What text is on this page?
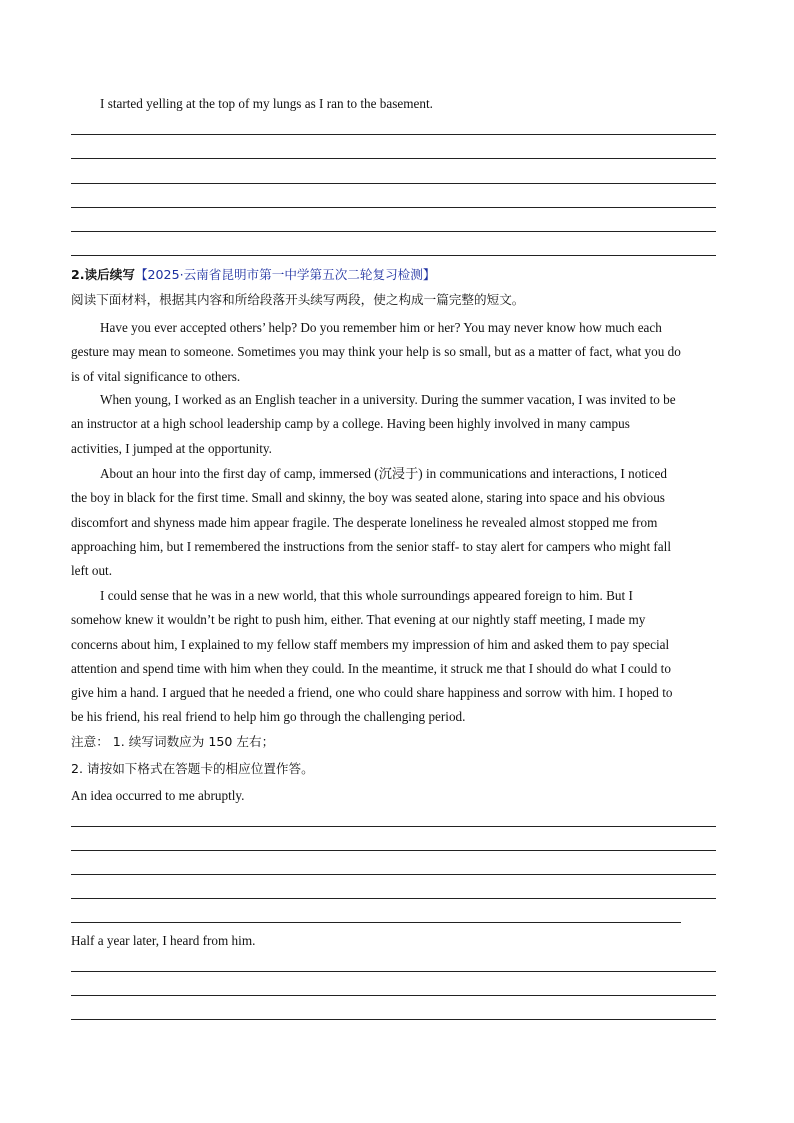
I started yelling at the top of my lungs as I ran to the basement.
2.读后续写【2025·云南省昆明市第一中学第五次二轮复习检测】
阅读下面材料，根据其内容和所给段落开头续写两段，使之构成一篇完整的短文。
Have you ever accepted others’ help? Do you remember him or her? You may never know how much each
gesture may mean to someone. Sometimes you may think your help is so small, but as a matter of fact, what you do
is of vital significance to others.
When young, I worked as an English teacher in a university. During the summer vacation, I was invited to be
an instructor at a high school leadership camp by a college. Having been highly involved in many campus
activities, I jumped at the opportunity.
About an hour into the first day of camp, immersed (沉浸于) in communications and interactions, I noticed
the boy in black for the first time. Small and skinny, the boy was seated alone, staring into space and his obvious
discomfort and shyness made him appear fragile. The desperate loneliness he revealed almost stopped me from
approaching him, but I remembered the instructions from the senior staff- to stay alert for campers who might fall
left out.
I could sense that he was in a new world, that this whole surroundings appeared foreign to him. But I
somehow knew it wouldn’t be right to push him, either. That evening at our nightly staff meeting, I made my
concerns about him, I explained to my fellow staff members my impression of him and asked them to pay special
attention and spend time with him when they could. In the meantime, it struck me that I should do what I could to
give him a hand. I argued that he needed a friend, one who could share happiness and sorrow with him. I hoped to
be his friend, his real friend to help him go through the challenging period.
注意： 1. 续写词数应为 150 左右；
2. 请按如下格式在答题卡的相应位置作答。
An idea occurred to me abruptly.
Half a year later, I heard from him.
